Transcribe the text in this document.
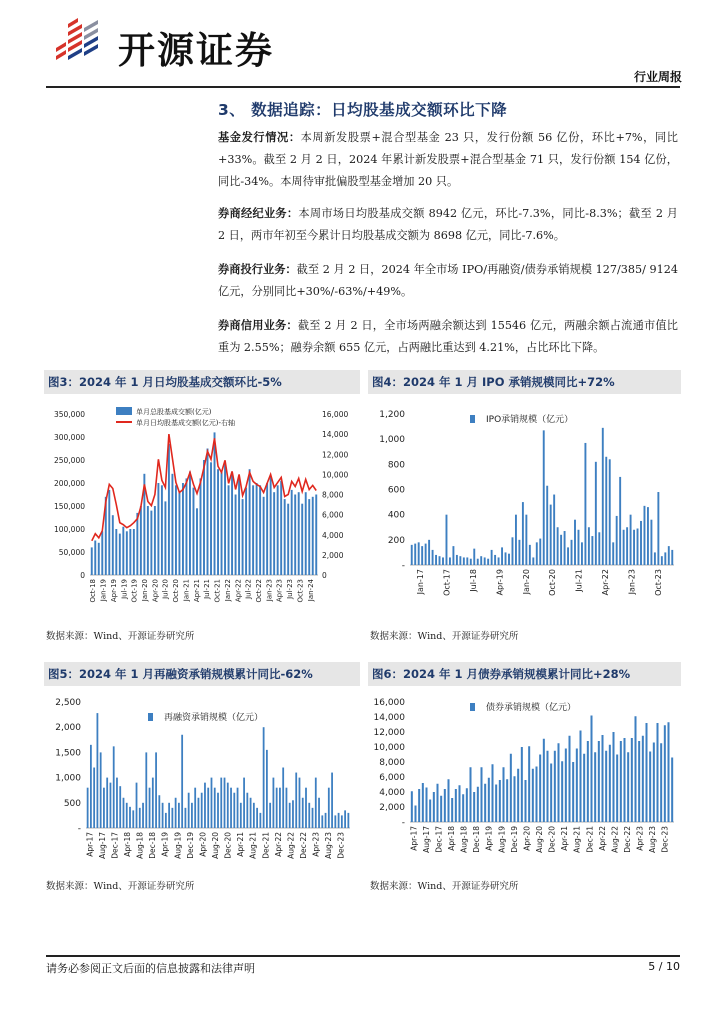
开源证券
行业周报
3、 数据追踪：日均股基成交额环比下降
基金发行情况：本周新发股票+混合型基金 23 只，发行份额 56 亿份，环比+7%，同比+33%。截至 2 月 2 日，2024 年累计新发股票+混合型基金 71 只，发行份额 154 亿份，同比-34%。本周待审批偏股型基金增加 20 只。
券商经纪业务：本周市场日均股基成交额 8942 亿元，环比-7.3%，同比-8.3%；截至 2 月 2 日，两市年初至今累计日均股基成交额为 8698 亿元，同比-7.6%。
券商投行业务：截至 2 月 2 日，2024 年全市场 IPO/再融资/债券承销规模 127/385/ 9124 亿元，分别同比+30%/-63%/+49%。
券商信用业务：截至 2 月 2 日，全市场两融余额达到 15546 亿元，两融余额占流通市值比重为 2.55%；融券余额 655 亿元，占两融比重达到 4.21%，占比环比下降。
图3：2024 年 1 月日均股基成交额环比-5%	图4：2024 年 1 月 IPO 承销规模同比+72%
图5：2024 年 1 月再融资承销规模累计同比-62%	图6：2024 年 1 月债券承销规模累计同比+28%
350,000
300,000
250,000
200,000
150,000
100,000
50,000
0
16,000
14,000
12,000
10,000
8,000
6,000
4,000
2,000
0
Oct-18 Jan-19 Apr-19 Jul-19 Oct-19 Jan-20 Apr-20 Jul-20 Oct-20 Jan-21 Apr-21 Jul-21 Oct-21 Jan-22 Apr-22 Jul-22 Oct-22 Jan-23 Apr-23 Jul-23 Oct-23 Jan-24
单月总股基成交额(亿元)
单月日均股基成交额(亿元)-右轴
1,200
1,000
800
600
400
200
-
Jan-17 Oct-17 Jul-18 Apr-19 Jan-20 Oct-20 Jul-21 Apr-22 Jan-23 Oct-23
IPO承销规模（亿元）
2,500
2,000
1,500
1,000
500
-
Apr-17 Aug-17 Dec-17 Apr-18 Aug-18 Dec-18 Apr-19 Aug-19 Dec-19 Apr-20 Aug-20 Dec-20 Apr-21 Aug-21 Dec-21 Apr-22 Aug-22 Dec-22 Apr-23 Aug-23 Dec-23
再融资承销规模（亿元）
16,000
14,000
12,000
10,000
8,000
6,000
4,000
2,000
-
Apr-17 Aug-17 Dec-17 Apr-18 Aug-18 Dec-18 Apr-19 Aug-19 Dec-19 Apr-20 Aug-20 Dec-20 Apr-21 Aug-21 Dec-21 Apr-22 Aug-22 Dec-22 Apr-23 Aug-23 Dec-23
债券承销规模（亿元）
数据来源：Wind、开源证券研究所	数据来源：Wind、开源证券研究所
数据来源：Wind、开源证券研究所	数据来源：Wind、开源证券研究所
请务必参阅正文后面的信息披露和法律声明	5 / 10
